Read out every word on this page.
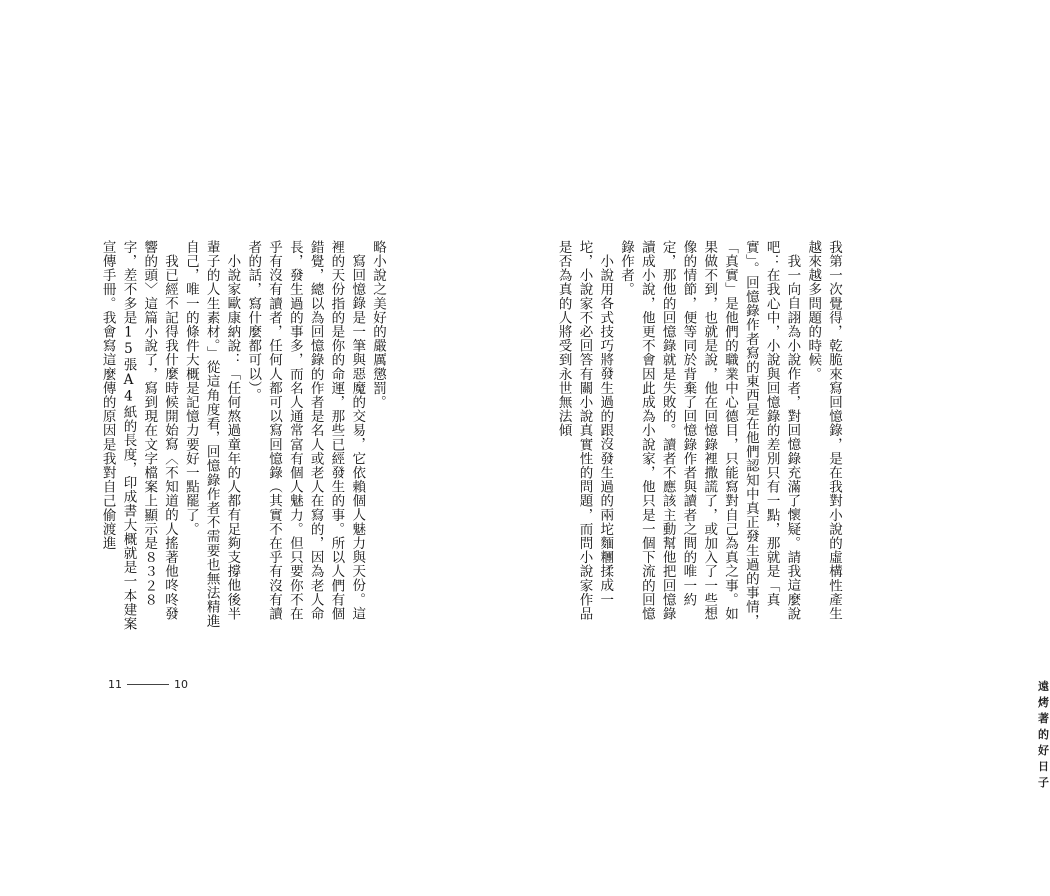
略小說之美好的嚴厲懲罰。

寫回憶錄是一筆與惡魔的交易，它依賴個人魅力與天份。這裡的天份指的是你的命運，那些已經發生的事。所以人們有個錯覺，總以為回憶錄的作者是名人或老人在寫的，因為老人命長，發生過的事多，而名人通常富有個人魅力。但只要你不在乎有沒有讀者，任何人都可以寫回憶錄（其實不在乎有沒有讀者的話，寫什麼都可以）。

小說家歐康納說：「任何熬過童年的人都有足夠支撐他後半輩子的人生素材。」從這角度看，回憶錄作者不需要也無法精進自己，唯一的條件大概是記憶力要好一點罷了。

我已經不記得我什麼時候開始寫〈不知道的人搖著他咚咚發響的頭〉這篇小說了，寫到現在文字檔案上顯示是８３２８字，差不多是15張A4紙的長度，印成書大概就是一本建案宣傳手冊。我會寫這麼傳的原因是我對自己偷渡進

11	10

我第一次覺得，乾脆來寫回憶錄，是在我對小說的虛構性產生越來越多問題的時候。

我一向自詡為小說作者，對回憶錄充滿了懷疑。請我這麼說吧：在我心中，小說與回憶錄的差別只有一點，那就是「真實」。回憶錄作者寫的東西是在他們認知中真正發生過的事情，「真實」是他們的職業中心德目，只能寫對自己為真之事。如果做不到，也就是說，他在回憶錄裡撒謊了，或加入了一些想像的情節，便等同於背棄了回憶錄作者與讀者之間的唯一約定，那他的回憶錄就是失敗的。讀者不應該主動幫他把回憶錄讀成小說，他更不會因此成為小說家，他只是一個下流的回憶錄作者。

小說用各式技巧將發生過的跟沒發生過的兩坨麵糰揉成一坨，小說家不必回答有關小說真實性的問題，而問小說家作品是否為真的人將受到永世無法傾

遠烤著的好日子
